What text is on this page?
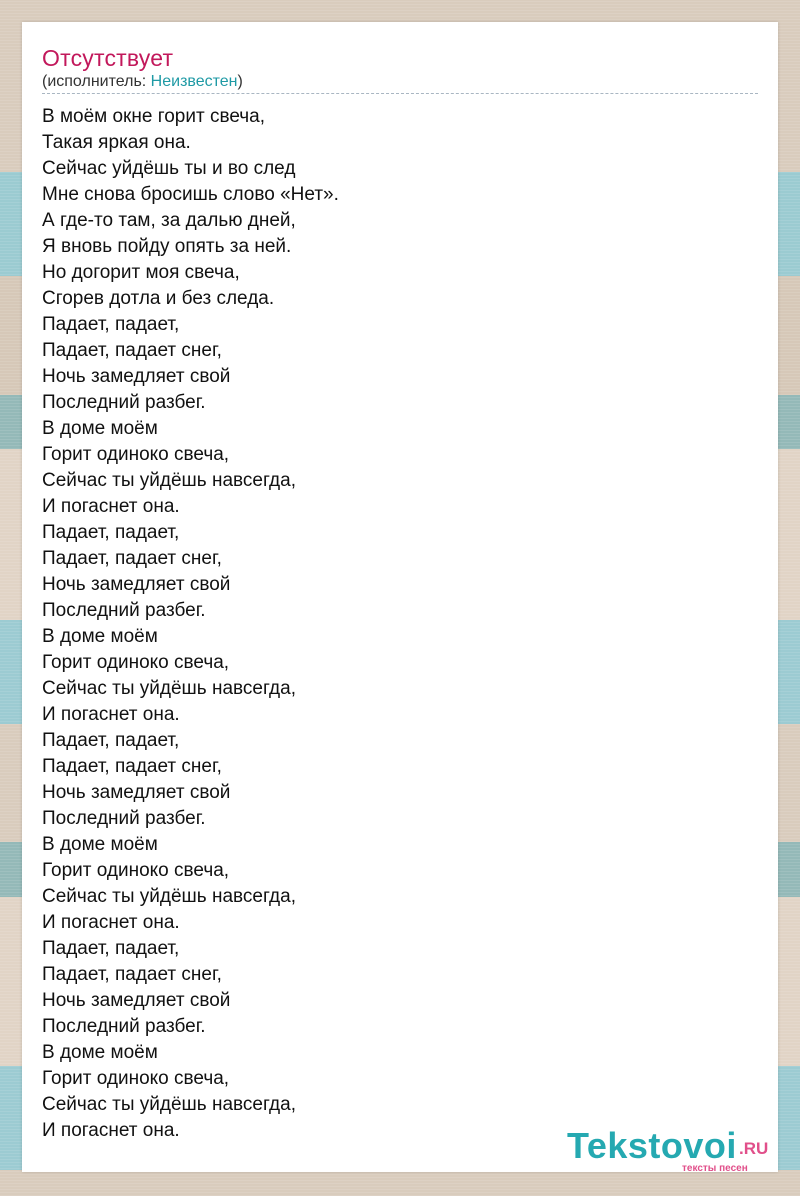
Отсутствует
(исполнитель: Неизвестен)
В моём окне горит свеча,
Такая яркая она.
Сейчас уйдёшь ты и во след
Мне снова бросишь слово «Нет».
А где-то там, за далью дней,
Я вновь пойду опять за ней.
Но догорит моя свеча,
Сгорев дотла и без следа.
Падает, падает,
Падает, падает снег,
Ночь замедляет свой
Последний разбег.
В доме моём
Горит одиноко свеча,
Сейчас ты уйдёшь навсегда,
И погаснет она.
Падает, падает,
Падает, падает снег,
Ночь замедляет свой
Последний разбег.
В доме моём
Горит одиноко свеча,
Сейчас ты уйдёшь навсегда,
И погаснет она.
Падает, падает,
Падает, падает снег,
Ночь замедляет свой
Последний разбег.
В доме моём
Горит одиноко свеча,
Сейчас ты уйдёшь навсегда,
И погаснет она.
Падает, падает,
Падает, падает снег,
Ночь замедляет свой
Последний разбег.
В доме моём
Горит одиноко свеча,
Сейчас ты уйдёшь навсегда,
И погаснет она.	Tekstovoi .RU
тексты песен
